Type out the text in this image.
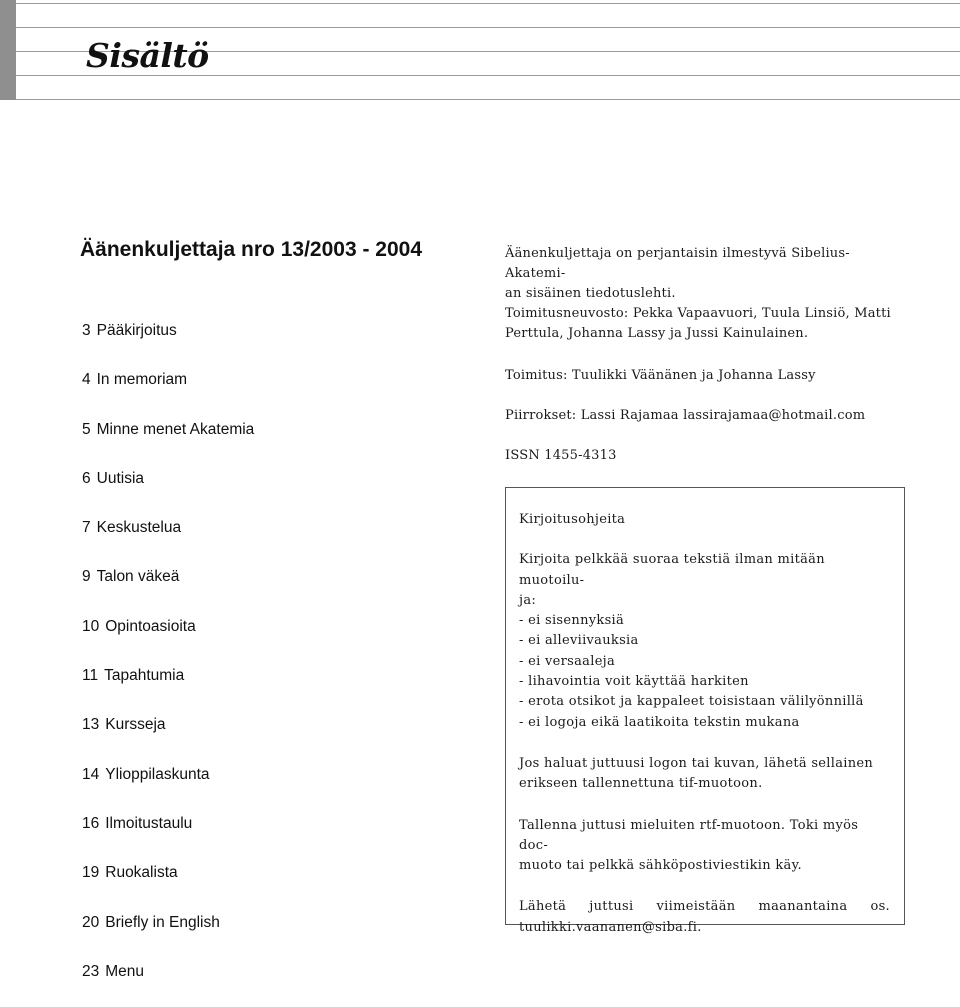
Sisältö
Äänenkuljettaja nro 13/2003 - 2004
3 Pääkirjoitus
4 In memoriam
5 Minne menet Akatemia
6 Uutisia
7 Keskustelua
9 Talon väkeä
10 Opintoasioita
11 Tapahtumia
13 Kursseja
14 Ylioppilaskunta
16 Ilmoitustaulu
19 Ruokalista
20 Briefly in English
23 Menu

Äänenkuljettaja on perjantaisin ilmestyvä Sibelius-Akatemi-
an sisäinen tiedotuslehti.

Toimitusneuvosto: Pekka Vapaavuori, Tuula Linsiö, Matti
Perttula, Johanna Lassy ja Jussi Kainulainen.

Toimitus: Tuulikki Väänänen ja Johanna Lassy

Piirrokset: Lassi Rajamaa lassirajamaa@hotmail.com

ISSN 1455-4313

Kirjoitusohjeita

Kirjoita pelkkää suoraa tekstiä ilman mitään muotoilu-
ja:

- ei sisennyksiä
- ei alleviivauksia
- ei versaaleja
- lihavointia voit käyttää harkiten
- erota otsikot ja kappaleet toisistaan välilyönnillä
- ei logoja eikä laatikoita tekstin mukana

Jos haluat juttuusi logon tai kuvan, lähetä sellainen
erikseen tallennettuna tif-muotoon.

Tallenna juttusi mieluiten rtf-muotoon. Toki myös doc-
muoto tai pelkkä sähköpostiviestikin käy.

Lähetä juttusi viimeistään maanantaina os.
tuulikki.vaananen@siba.fi.
